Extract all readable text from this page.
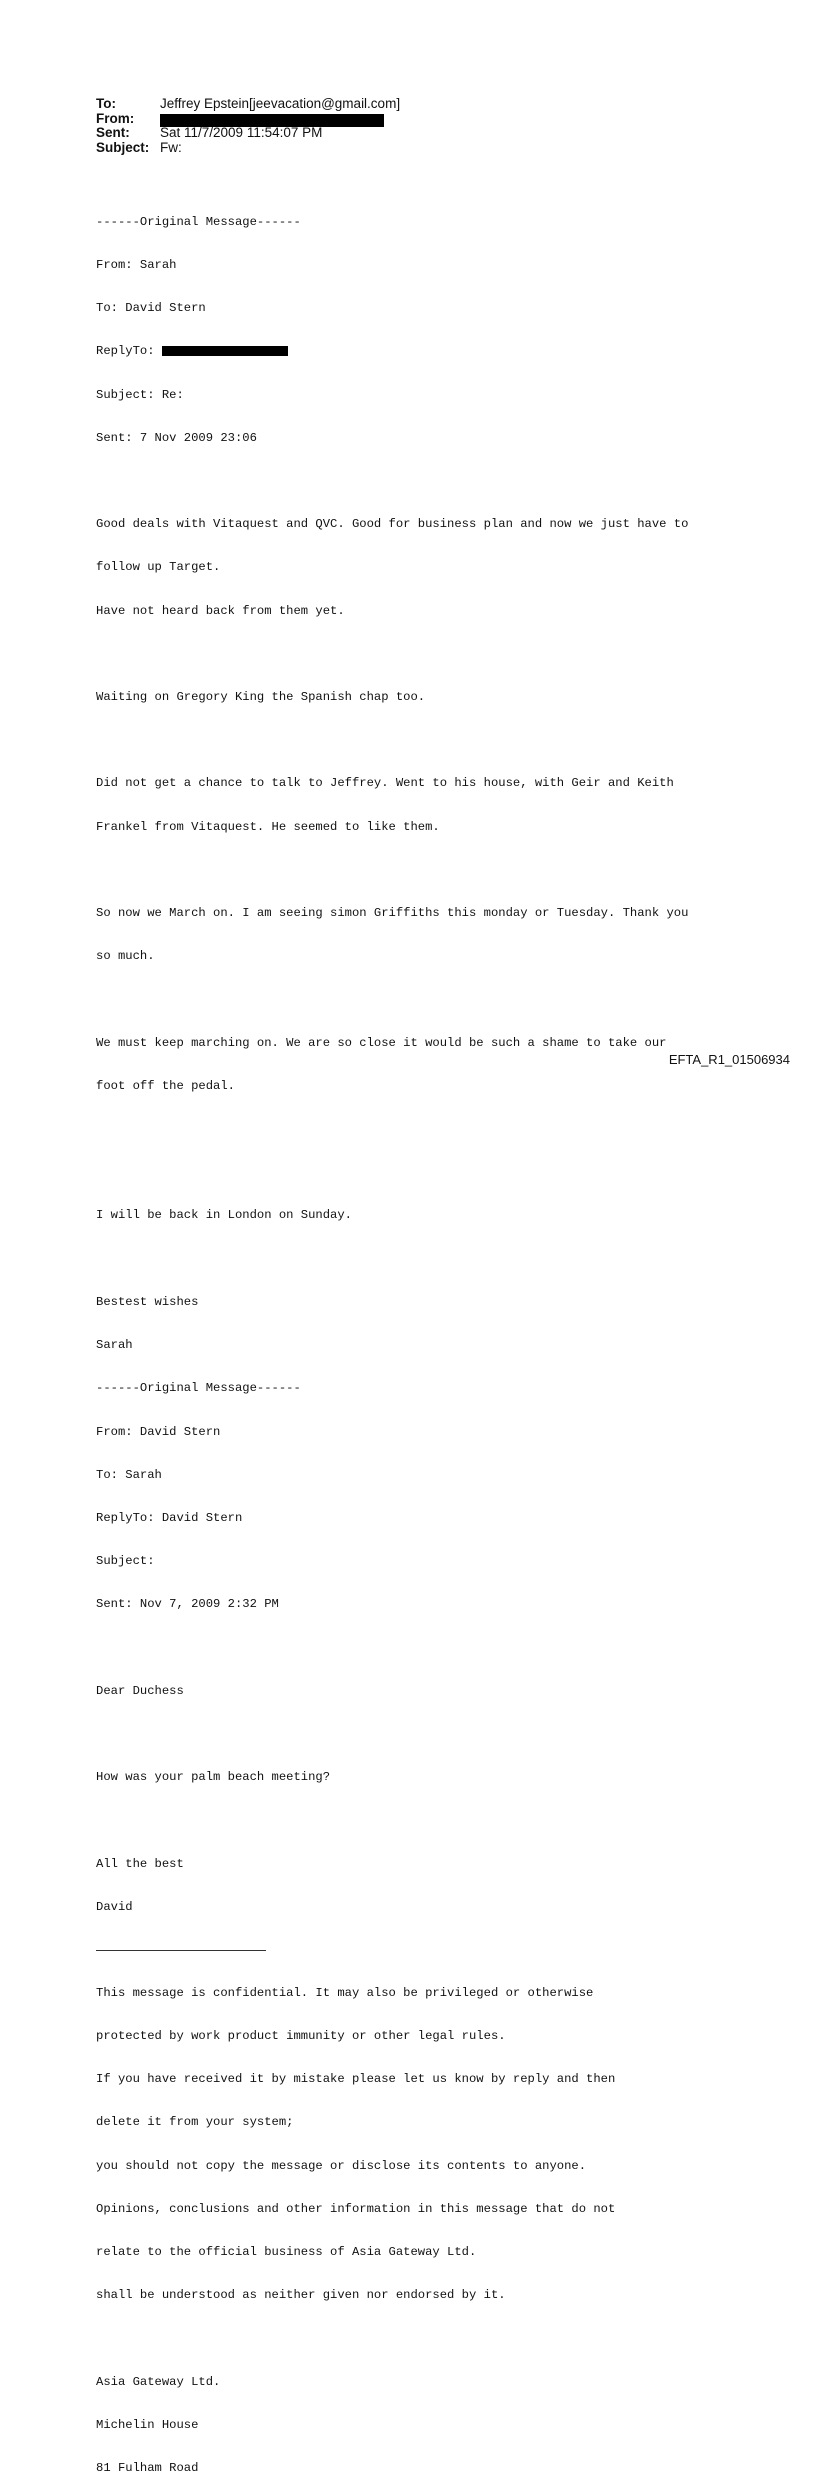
To:	Jeffrey Epstein[jeevacation@gmail.com]
From:
Sent:	Sat 11/7/2009 11:54:07 PM
Subject: Fw:

------Original Message------

From: Sarah

To: David Stern

ReplyTo:

Subject: Re:

Sent: 7 Nov 2009 23:06

Good deals with Vitaquest and QVC. Good for business plan and now we just have to

follow up Target.

Have not heard back from them yet.

Waiting on Gregory King the Spanish chap too.

Did not get a chance to talk to Jeffrey. Went to his house, with Geir and Keith

Frankel from Vitaquest. He seemed to like them.

So now we March on. I am seeing simon Griffiths this monday or Tuesday. Thank you

so much.

We must keep marching on. We are so close it would be such a shame to take our

foot off the pedal.

I will be back in London on Sunday.

Bestest wishes

Sarah

------Original Message------

From: David Stern

To: Sarah

ReplyTo: David Stern

Subject:

Sent: Nov 7, 2009 2:32 PM

Dear Duchess

How was your palm beach meeting?

All the best

David

This message is confidential. It may also be privileged or otherwise

protected by work product immunity or other legal rules.

If you have received it by mistake please let us know by reply and then

delete it from your system;

you should not copy the message or disclose its contents to anyone.

Opinions, conclusions and other information in this message that do not

relate to the official business of Asia Gateway Ltd.

shall be understood as neither given nor endorsed by it.

Asia Gateway Ltd.

Michelin House

81 Fulham Road

EFTA_R1_01506934
